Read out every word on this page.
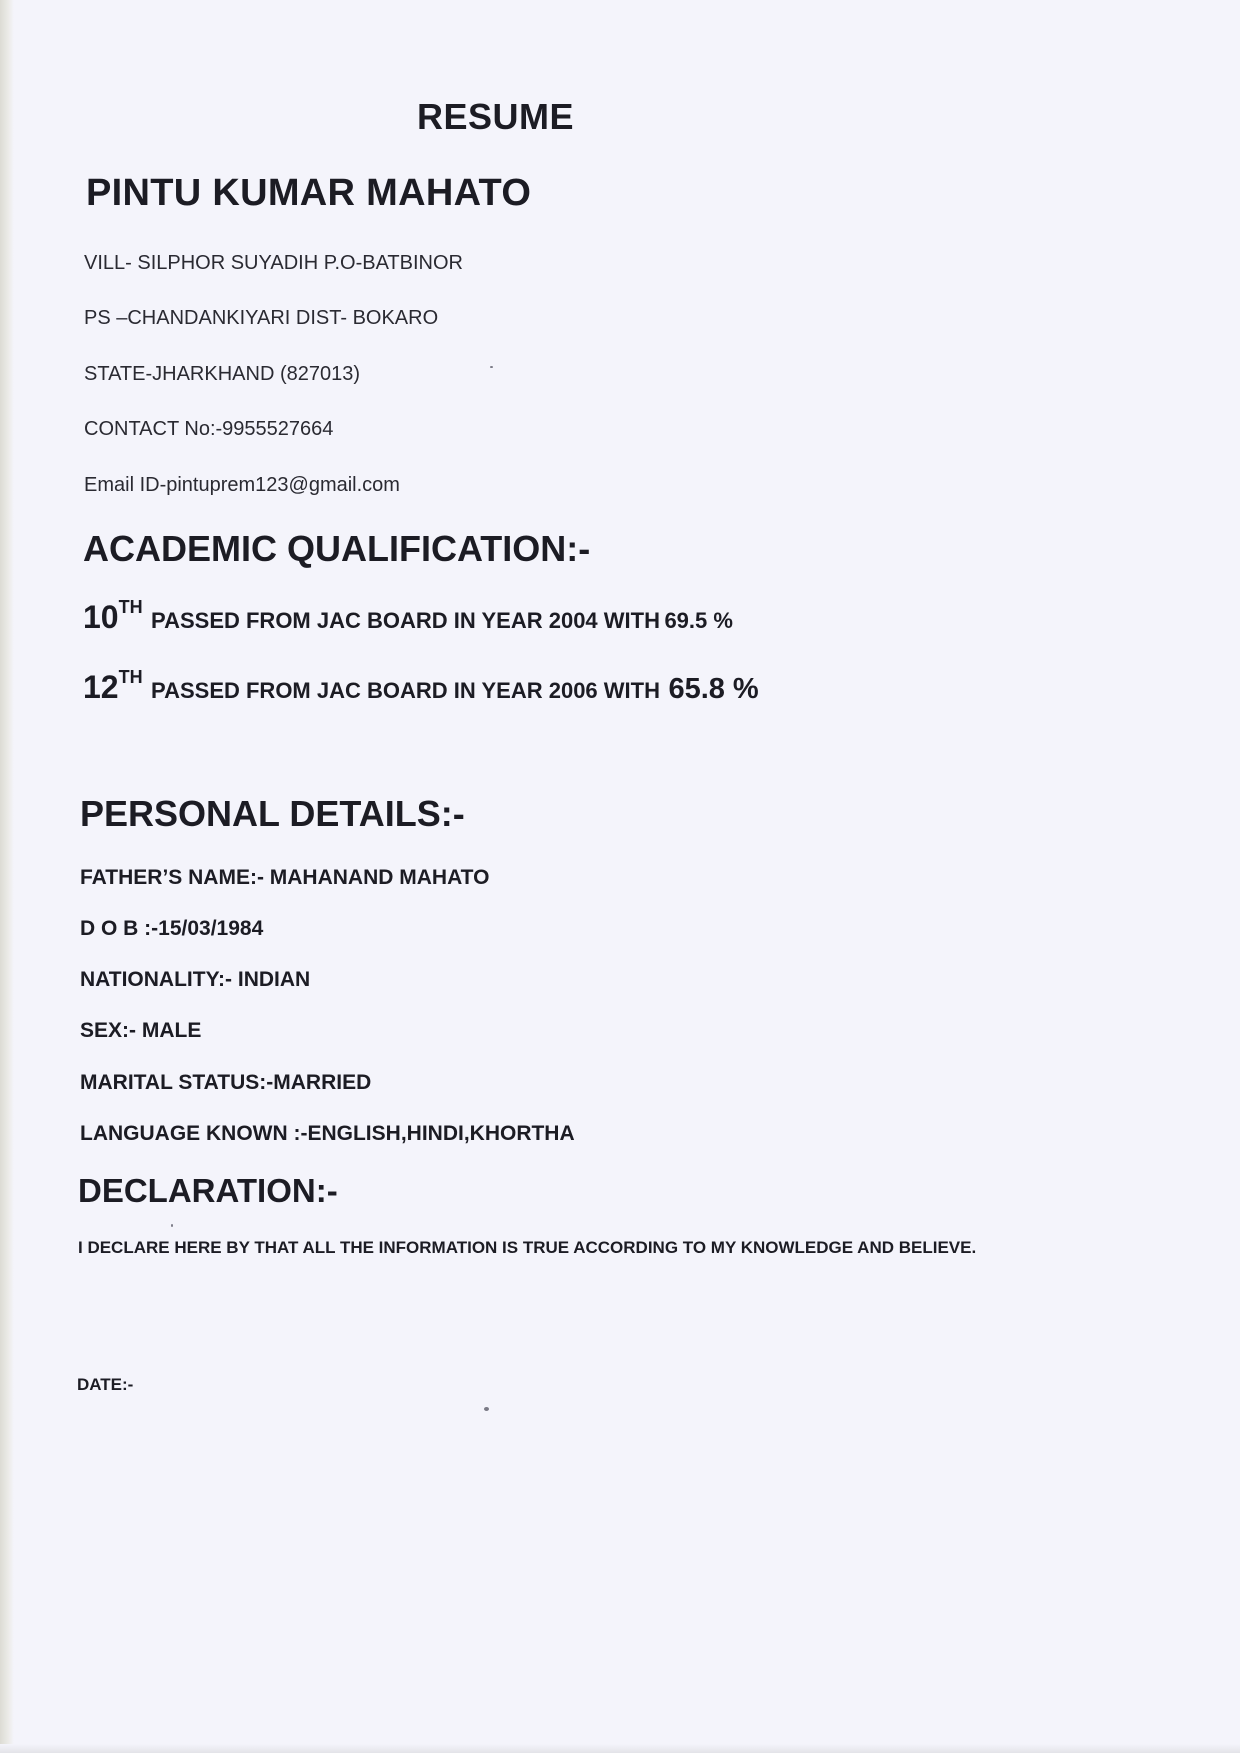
RESUME
PINTU KUMAR MAHATO
VILL- SILPHOR SUYADIH P.O-BATBINOR
PS –CHANDANKIYARI DIST- BOKARO
STATE-JHARKHAND (827013)
CONTACT No:-9955527664
Email ID-pintuprem123@gmail.com
ACADEMIC QUALIFICATION:-
10TH PASSED FROM JAC BOARD IN YEAR 2004 WITH 69.5 %
12TH PASSED FROM JAC BOARD IN YEAR 2006 WITH 65.8 %
PERSONAL DETAILS:-
FATHER’S NAME:- MAHANAND MAHATO
D O B :-15/03/1984
NATIONALITY:- INDIAN
SEX:- MALE
MARITAL STATUS:-MARRIED
LANGUAGE KNOWN :-ENGLISH,HINDI,KHORTHA
DECLARATION:-
I DECLARE HERE BY THAT ALL THE INFORMATION IS TRUE ACCORDING TO MY KNOWLEDGE AND BELIEVE.
DATE:-
